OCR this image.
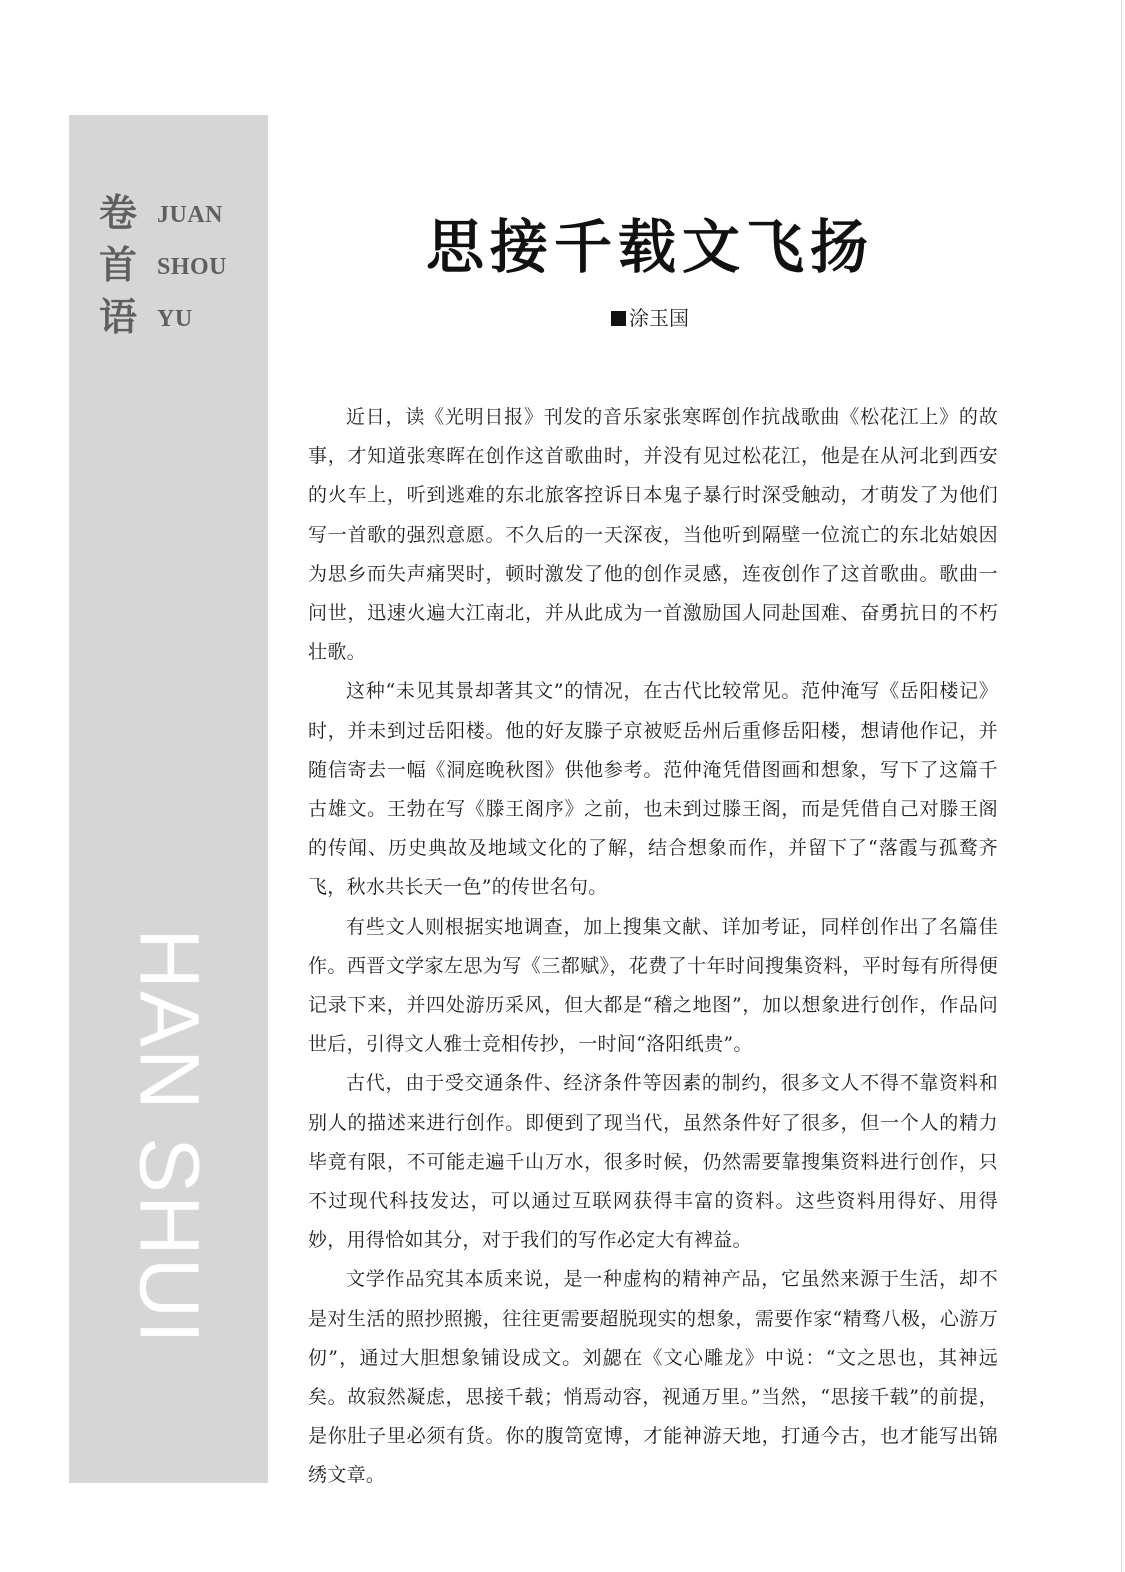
卷
首
语
JUAN
SHOU
YU
HAN SHUI
思接千载文飞扬
涂玉国

近日，读《光明日报》刊发的音乐家张寒晖创作抗战歌曲《松花江上》的故事，才知道张寒晖在创作这首歌曲时，并没有见过松花江，他是在从河北到西安的火车上，听到逃难的东北旅客控诉日本鬼子暴行时深受触动，才萌发了为他们写一首歌的强烈意愿。不久后的一天深夜，当他听到隔壁一位流亡的东北姑娘因为思乡而失声痛哭时，顿时激发了他的创作灵感，连夜创作了这首歌曲。歌曲一问世，迅速火遍大江南北，并从此成为一首激励国人同赴国难、奋勇抗日的不朽壮歌。

这种“未见其景却著其文”的情况，在古代比较常见。范仲淹写《岳阳楼记》时，并未到过岳阳楼。他的好友滕子京被贬岳州后重修岳阳楼，想请他作记，并随信寄去一幅《洞庭晚秋图》供他参考。范仲淹凭借图画和想象，写下了这篇千古雄文。王勃在写《滕王阁序》之前，也未到过滕王阁，而是凭借自己对滕王阁的传闻、历史典故及地域文化的了解，结合想象而作，并留下了“落霞与孤鹜齐飞，秋水共长天一色”的传世名句。

有些文人则根据实地调查，加上搜集文献、详加考证，同样创作出了名篇佳作。西晋文学家左思为写《三都赋》，花费了十年时间搜集资料，平时每有所得便记录下来，并四处游历采风，但大都是“稽之地图”，加以想象进行创作，作品问世后，引得文人雅士竞相传抄，一时间“洛阳纸贵”。

古代，由于受交通条件、经济条件等因素的制约，很多文人不得不靠资料和别人的描述来进行创作。即便到了现当代，虽然条件好了很多，但一个人的精力毕竟有限，不可能走遍千山万水，很多时候，仍然需要靠搜集资料进行创作，只不过现代科技发达，可以通过互联网获得丰富的资料。这些资料用得好、用得妙，用得恰如其分，对于我们的写作必定大有裨益。

文学作品究其本质来说，是一种虚构的精神产品，它虽然来源于生活，却不是对生活的照抄照搬，往往更需要超脱现实的想象，需要作家“精骛八极，心游万仞”，通过大胆想象铺设成文。刘勰在《文心雕龙》中说：“文之思也，其神远矣。故寂然凝虑，思接千载；悄焉动容，视通万里。”当然，“思接千载”的前提，是你肚子里必须有货。你的腹笥宽博，才能神游天地，打通今古，也才能写出锦绣文章。
